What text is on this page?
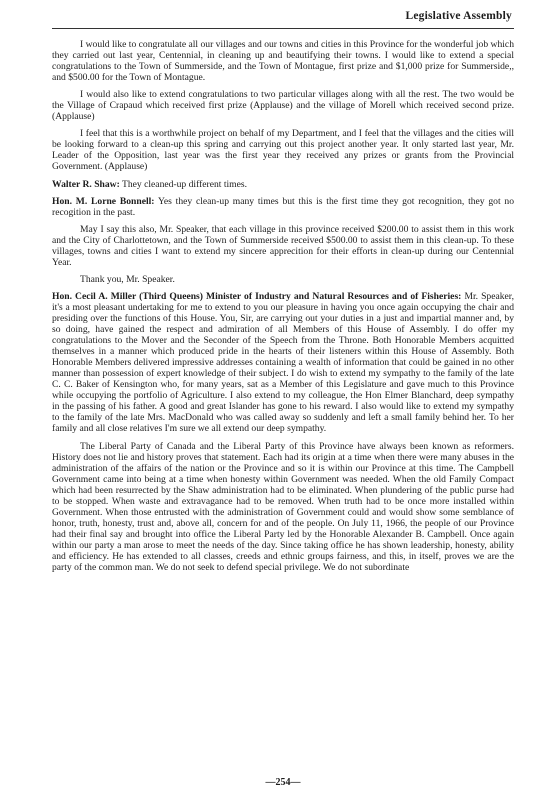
Legislative Assembly

I would like to congratulate all our villages and our towns and cities in this Province for the wonderful job which they carried out last year, Centennial, in cleaning up and beautifying their towns. I would like to extend a special congratulations to the Town of Summerside, and the Town of Montague, first prize and $1,000 prize for Summerside,, and $500.00 for the Town of Montague.

I would also like to extend congratulations to two particular villages along with all the rest. The two would be the Village of Crapaud which received first prize (Applause) and the village of Morell which received second prize. (Applause)

I feel that this is a worthwhile project on behalf of my Department, and I feel that the villages and the cities will be looking forward to a clean-up this spring and carrying out this project another year. It only started last year, Mr. Leader of the Opposition, last year was the first year they received any prizes or grants from the Provincial Government. (Applause)

Walter R. Shaw: They cleaned-up different times.

Hon. M. Lorne Bonnell: Yes they clean-up many times but this is the first time they got recognition, they got no recogition in the past.

May I say this also, Mr. Speaker, that each village in this province received $200.00 to assist them in this work and the City of Charlottetown, and the Town of Summerside received $500.00 to assist them in this clean-up. To these villages, towns and cities I want to extend my sincere apprecition for their efforts in clean-up during our Centennial Year.

Thank you, Mr. Speaker.

Hon. Cecil A. Miller (Third Queens) Minister of Industry and Natural Resources and of Fisheries: Mr. Speaker, it's a most pleasant undertaking for me to extend to you our pleasure in having you once again occupying the chair and presiding over the functions of this House. You, Sir, are carrying out your duties in a just and impartial manner and, by so doing, have gained the respect and admiration of all Members of this House of Assembly. I do offer my congratulations to the Mover and the Seconder of the Speech from the Throne. Both Honorable Members acquitted themselves in a manner which produced pride in the hearts of their listeners within this House of Assembly. Both Honorable Members delivered impressive addresses containing a wealth of information that could be gained in no other manner than possession of expert knowledge of their subject. I do wish to extend my sympathy to the family of the late C. C. Baker of Kensington who, for many years, sat as a Member of this Legislature and gave much to this Province while occupying the portfolio of Agriculture. I also extend to my colleague, the Hon Elmer Blanchard, deep sympathy in the passing of his father. A good and great Islander has gone to his reward. I also would like to extend my sympathy to the family of the late Mrs. MacDonald who was called away so suddenly and left a small family behind her. To her family and all close relatives I'm sure we all extend our deep sympathy.

The Liberal Party of Canada and the Liberal Party of this Province have always been known as reformers. History does not lie and history proves that statement. Each had its origin at a time when there were many abuses in the administration of the affairs of the nation or the Province and so it is within our Province at this time. The Campbell Government came into being at a time when honesty within Government was needed. When the old Family Compact which had been resurrected by the Shaw administration had to be eliminated. When plundering of the public purse had to be stopped. When waste and extravagance had to be removed. When truth had to be once more installed within Government. When those entrusted with the administration of Government could and would show some semblance of honor, truth, honesty, trust and, above all, concern for and of the people. On July 11, 1966, the people of our Province had their final say and brought into office the Liberal Party led by the Honorable Alexander B. Campbell. Once again within our party a man arose to meet the needs of the day. Since taking office he has shown leadership, honesty, ability and efficiency. He has extended to all classes, creeds and ethnic groups fairness, and this, in itself, proves we are the party of the common man. We do not seek to defend special privilege. We do not subordinate

—254—
